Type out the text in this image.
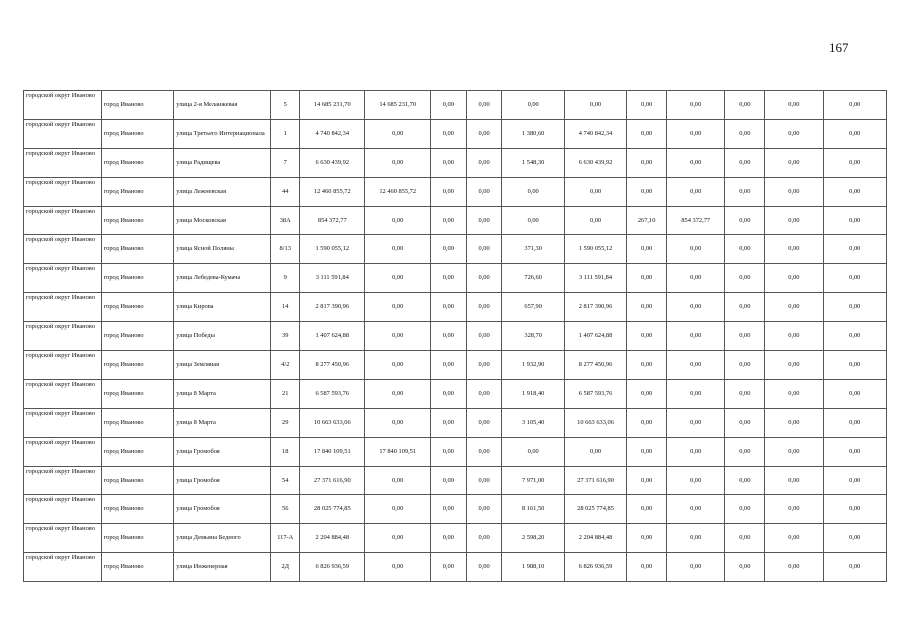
167
городской округ Иваново	город Иваново	улица 2-я Меланжевая	5	14 685 231,70	14 685 231,70	0,00	0,00	0,00	0,00	0,00	0,00	0,00	0,00	0,00
городской округ Иваново	город Иваново	улица Третьего Интернационала	1	4 740 842,34	0,00	0,00	0,00	1 380,60	4 740 842,34	0,00	0,00	0,00	0,00	0,00
городской округ Иваново	город Иваново	улица Радищева	7	6 630 439,92	0,00	0,00	0,00	1 548,30	6 630 439,92	0,00	0,00	0,00	0,00	0,00
городской округ Иваново	город Иваново	улица Лежневская	44	12 460 855,72	12 460 855,72	0,00	0,00	0,00	0,00	0,00	0,00	0,00	0,00	0,00
городской округ Иваново	город Иваново	улица Московская	38А	854 372,77	0,00	0,00	0,00	0,00	0,00	267,10	854 372,77	0,00	0,00	0,00
городской округ Иваново	город Иваново	улица Ясной Поляны	8/13	1 590 055,12	0,00	0,00	0,00	371,30	1 590 055,12	0,00	0,00	0,00	0,00	0,00
городской округ Иваново	город Иваново	улица Лебедева-Кумача	9	3 111 591,84	0,00	0,00	0,00	726,60	3 111 591,84	0,00	0,00	0,00	0,00	0,00
городской округ Иваново	город Иваново	улица Кирова	14	2 817 390,96	0,00	0,00	0,00	657,90	2 817 390,96	0,00	0,00	0,00	0,00	0,00
городской округ Иваново	город Иваново	улица Победы	39	1 407 624,88	0,00	0,00	0,00	328,70	1 407 624,88	0,00	0,00	0,00	0,00	0,00
городской округ Иваново	город Иваново	улица Земляная	4/2	8 277 450,96	0,00	0,00	0,00	1 932,90	8 277 450,96	0,00	0,00	0,00	0,00	0,00
городской округ Иваново	город Иваново	улица 8 Марта	21	6 587 593,76	0,00	0,00	0,00	1 918,40	6 587 593,76	0,00	0,00	0,00	0,00	0,00
городской округ Иваново	город Иваново	улица 8 Марта	29	10 663 633,06	0,00	0,00	0,00	3 105,40	10 663 633,06	0,00	0,00	0,00	0,00	0,00
городской округ Иваново	город Иваново	улица Громобоя	18	17 840 109,51	17 840 109,51	0,00	0,00	0,00	0,00	0,00	0,00	0,00	0,00	0,00
городской округ Иваново	город Иваново	улица Громобоя	54	27 371 616,90	0,00	0,00	0,00	7 971,00	27 371 616,90	0,00	0,00	0,00	0,00	0,00
городской округ Иваново	город Иваново	улица Громобоя	56	28 025 774,85	0,00	0,00	0,00	8 161,50	28 025 774,85	0,00	0,00	0,00	0,00	0,00
городской округ Иваново	город Иваново	улица Демьяна Бедного	117-А	2 204 884,48	0,00	0,00	0,00	2 598,20	2 204 884,48	0,00	0,00	0,00	0,00	0,00
городской округ Иваново	город Иваново	улица Инженерная	2Д	6 826 936,59	0,00	0,00	0,00	1 988,10	6 826 936,59	0,00	0,00	0,00	0,00	0,00
